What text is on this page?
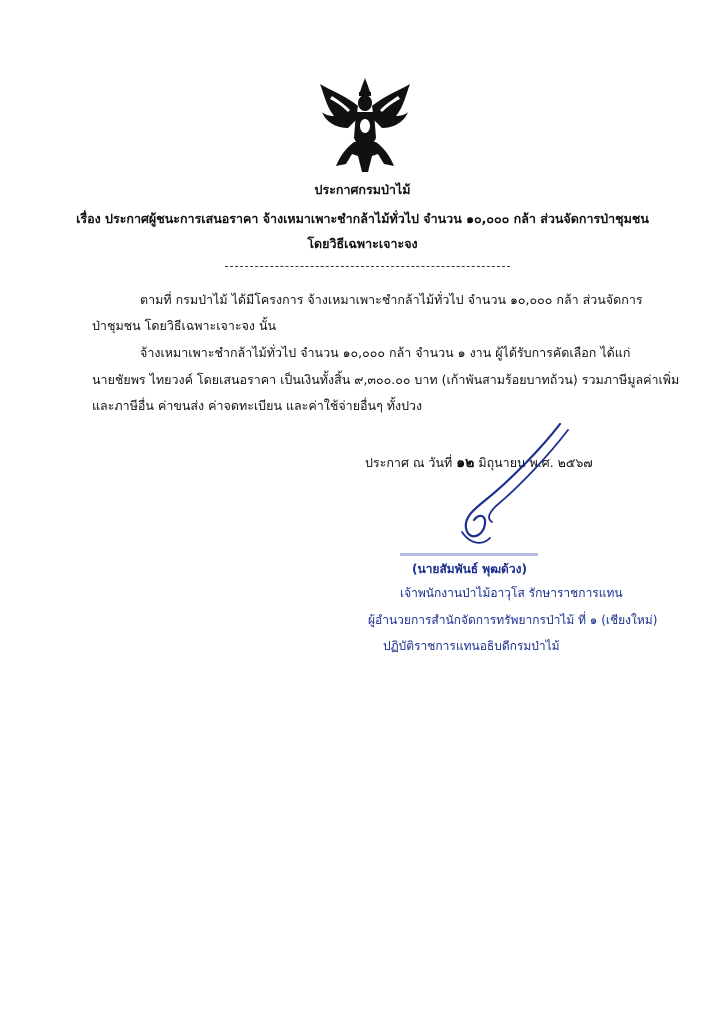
ประกาศกรมป่าไม้
เรื่อง ประกาศผู้ชนะการเสนอราคา จ้างเหมาเพาะชำกล้าไม้ทั่วไป จำนวน ๑๐,๐๐๐ กล้า ส่วนจัดการป่าชุมชน
โดยวิธีเฉพาะเจาะจง
ตามที่ กรมป่าไม้ ได้มีโครงการ จ้างเหมาเพาะชำกล้าไม้ทั่วไป จำนวน ๑๐,๐๐๐ กล้า ส่วนจัดการ
ป่าชุมชน โดยวิธีเฉพาะเจาะจง นั้น
จ้างเหมาเพาะชำกล้าไม้ทั่วไป จำนวน ๑๐,๐๐๐ กล้า จำนวน ๑ งาน ผู้ได้รับการคัดเลือก ได้แก่
นายชัยพร ไทยวงค์ โดยเสนอราคา เป็นเงินทั้งสิ้น ๙,๓๐๐.๐๐ บาท (เก้าพันสามร้อยบาทถ้วน) รวมภาษีมูลค่าเพิ่ม
และภาษีอื่น ค่าขนส่ง ค่าจดทะเบียน และค่าใช้จ่ายอื่นๆ ทั้งปวง
ประกาศ ณ วันที่ ๑๒ มิถุนายน พ.ศ. ๒๕๖๗
(นายสัมพันธ์ พุฒด้วง)
เจ้าพนักงานป่าไม้อาวุโส รักษาราชการแทน
ผู้อำนวยการสำนักจัดการทรัพยากรป่าไม้ ที่ ๑ (เชียงใหม่)
ปฏิบัติราชการแทนอธิบดีกรมป่าไม้
